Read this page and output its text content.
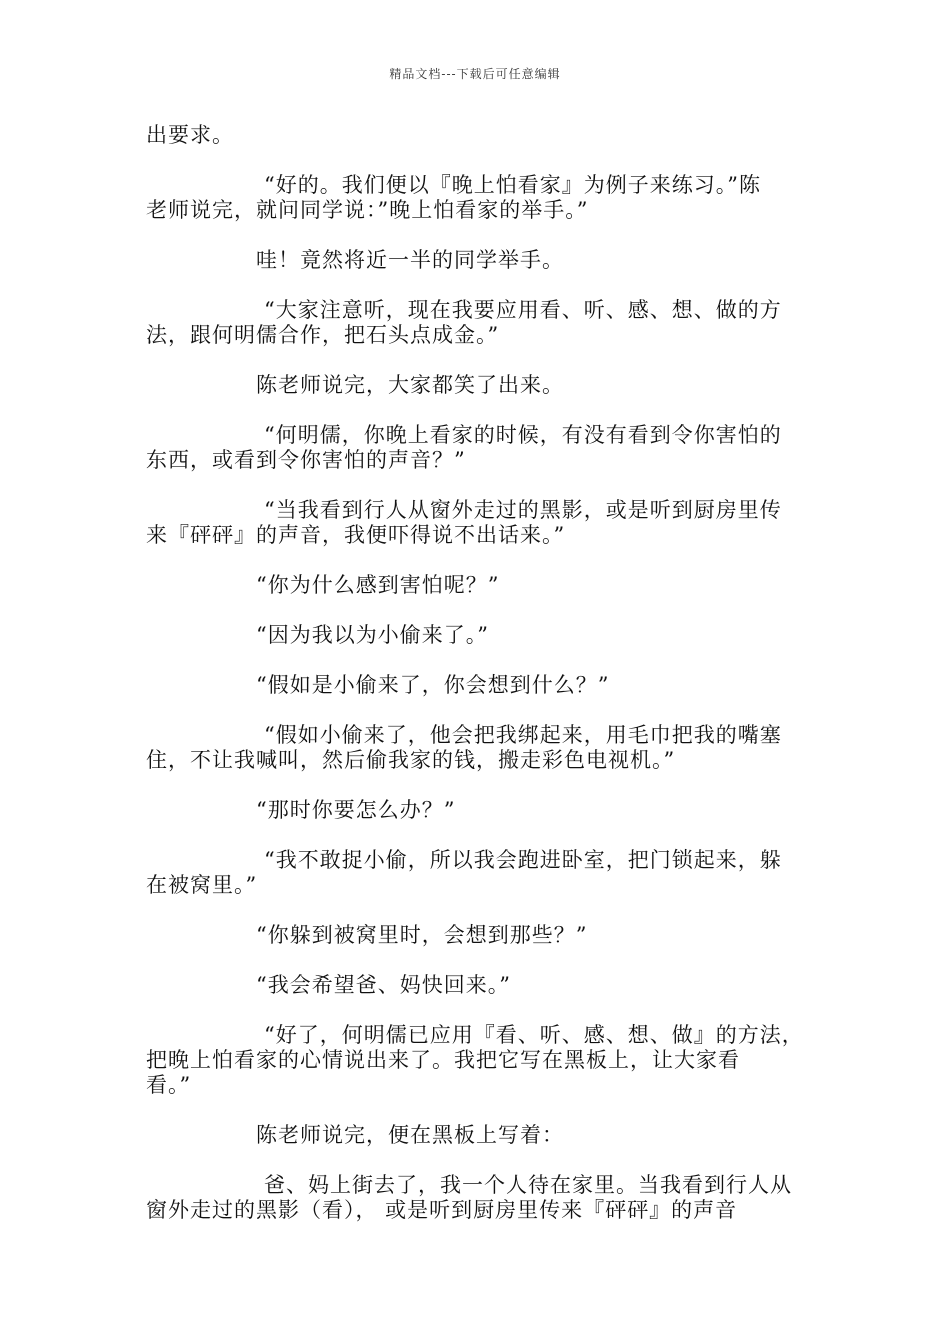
精品文档---下载后可任意编辑
出要求。
“好的。我们便以『晚上怕看家』为例子来练习。”陈
老师说完，就问同学说：”晚上怕看家的举手。”
哇！竟然将近一半的同学举手。
“大家注意听，现在我要应用看、听、感、想、做的方
法，跟何明儒合作，把石头点成金。”
陈老师说完，大家都笑了出来。
“何明儒，你晚上看家的时候，有没有看到令你害怕的
东西，或看到令你害怕的声音？”
“当我看到行人从窗外走过的黑影，或是听到厨房里传
来『砰砰』的声音，我便吓得说不出话来。”
“你为什么感到害怕呢？”
“因为我以为小偷来了。”
“假如是小偷来了，你会想到什么？”
“假如小偷来了，他会把我绑起来，用毛巾把我的嘴塞
住，不让我喊叫，然后偷我家的钱，搬走彩色电视机。”
“那时你要怎么办？”
“我不敢捉小偷，所以我会跑进卧室，把门锁起来，躲
在被窝里。”
“你躲到被窝里时，会想到那些？”
“我会希望爸、妈快回来。”
“好了，何明儒已应用『看、听、感、想、做』的方法，
把晚上怕看家的心情说出来了。我把它写在黑板上，让大家看
看。”
陈老师说完，便在黑板上写着：
爸、妈上街去了，我一个人待在家里。当我看到行人从
窗外走过的黑影（看）， 或是听到厨房里传来『砰砰』的声音
